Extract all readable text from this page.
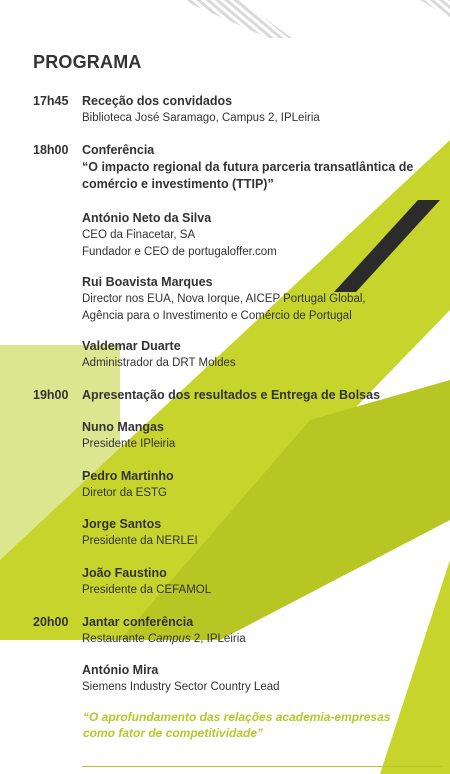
PROGRAMA
17h45	Receção dos convidados
Biblioteca José Saramago, Campus 2, IPLeiria
18h00	Conferência
“O impacto regional da futura parceria transatlântica de
comércio e investimento (TTIP)”
António Neto da Silva
CEO da Finacetar, SA
Fundador e CEO de portugaloffer.com
Rui Boavista Marques
Director nos EUA, Nova Iorque, AICEP Portugal Global,
Agência para o Investimento e Comércio de Portugal
Valdemar Duarte
Administrador da DRT Moldes
19h00	Apresentação dos resultados e Entrega de Bolsas
Nuno Mangas
Presidente IPleiria
Pedro Martinho
Diretor da ESTG
Jorge Santos
Presidente da NERLEI
João Faustino
Presidente da CEFAMOL
20h00	Jantar conferência
Restaurante Campus 2, IPLeiria
António Mira
Siemens Industry Sector Country Lead
“O aprofundamento das relações academia-empresas
como fator de competitividade”
